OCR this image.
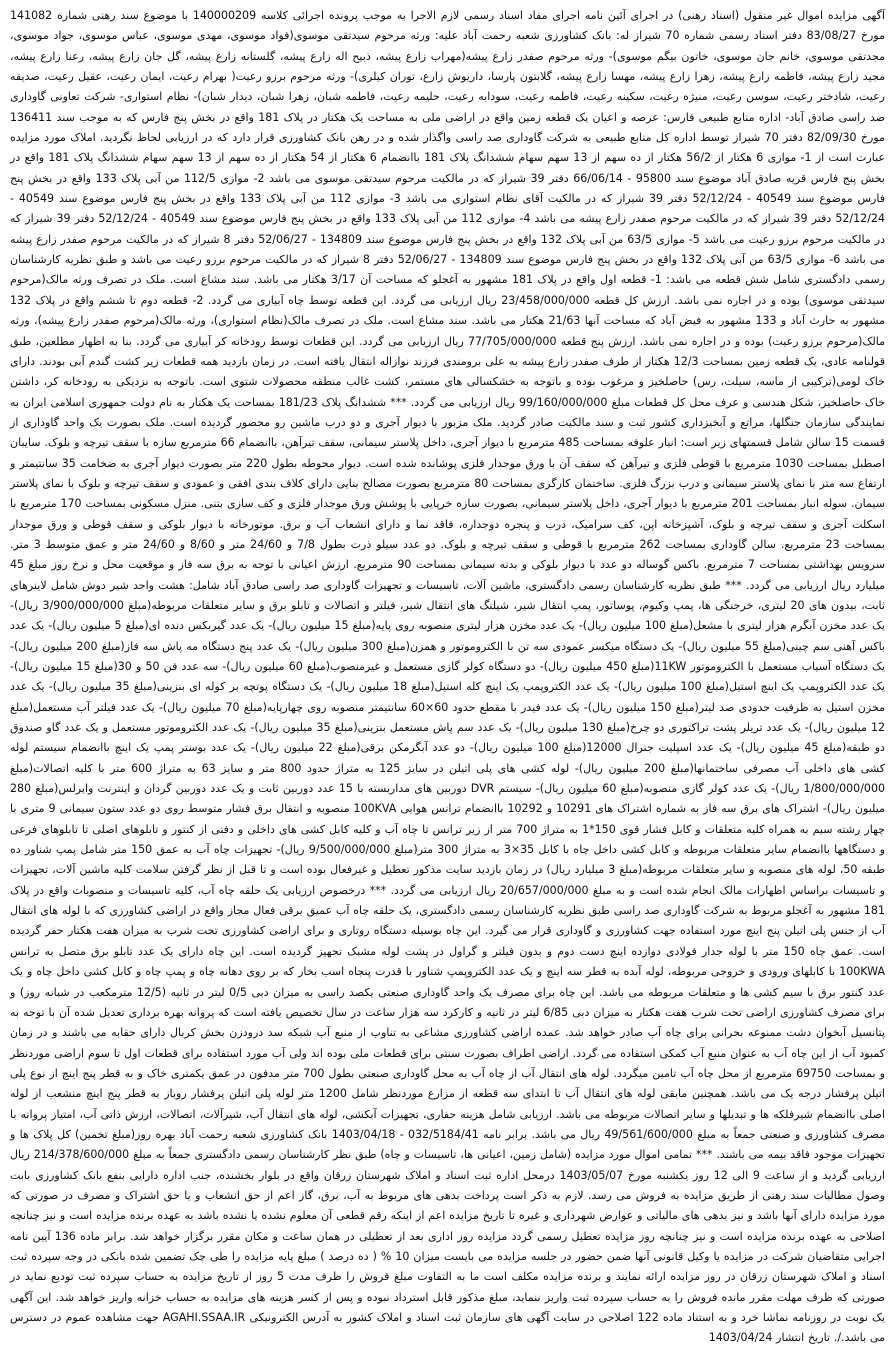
آگهی مزایده اموال غیر منقول (اسناد رهنی) در اجرای آئین نامه اجرای مفاد اسناد رسمی لازم الاجرا به موجب پرونده اجرائی کلاسه 140000209 با موضوع سند رهنی شماره 141082 مورخ 83/08/27 دفتر اسناد رسمی شماره 70 شیراز له: بانک کشاورزی شعبه رحمت آباد علیه: ورثه مرحوم سیدتقی موسوی(فواد موسوی، مهدی موسوی، عباس موسوی، جواد موسوی، مجدتقی موسوی، خانم جان موسوی، خاتون بیگم موسوی)- ورثه مرحوم صفدر زارع پیشه(مهراب زارع پیشه، ذبیح اله زارع پیشه، گلستانه زارع پیشه، گل جان زارع پیشه، رعنا زارع پیشه، مجید زارع پیشه، فاطمه زارع پیشه، زهرا زارع پیشه، مهسا زارع پیشه، گلابتون پارسا، داریوش زارع، توران کیلری)- ورثه مرحوم برزو رعیت( بهرام رعیت، ایمان رعیت، عقیل رعیت، صدیقه رعیت، شادختر رعیت، سوسن رعیت، منیژه رعیت، سکینه رعیت، فاطمه رعیت، سودابه رعیت، حلیمه رعیت، فاطمه شبان، زهرا شبان، دیدار شبان)- نظام استواری- شرکت تعاونی گاوداری صد راسی صادق آباد- اداره منابع طبیعی فارس: عرصه و اعیان یک قطعه زمین واقع در اراضی ملی به مساحت یک هکتار در پلاک 181 واقع در بخش پنج فارس که به موجب سند 136411 مورخ 82/09/30 دفتر 70 شیراز توسط اداره کل منابع طبیعی به شرکت گاوداری صد راسی واگذار شده و در رهن بانک کشاورزی قرار دارد که در ارزیابی لحاظ نگردید. املاک مورد مزایده عبارت است از 1- موازی 6 هکتار از 56/2 هکتار از ده سهم از 13 سهم سهام ششدانگ پلاک 181 باانضمام 6 هکتار از 54 هکتار از ده سهم از 13 سهم سهام ششدانگ پلاک 181 واقع در بخش پنج فارس قریه صادق آباد موضوع سند 95800 - 66/06/14 دفتر 39 شیراز که در مالکیت مرحوم سیدتقی موسوی می باشد 2- موازی 112/5 من آبی پلاک 133 واقع در بخش پنج فارس موضوع سند 40549 - 52/12/24 دفتر 39 شیراز که در مالکیت آقای نظام استواری می باشد 3- موازی 112 من آبی پلاک 133 واقع در بخش پنج فارس موضوع سند 40549 - 52/12/24 دفتر 39 شیراز که در مالکیت مرحوم صفدر زارع پیشه می باشد 4- موازی 112 من آبی پلاک 133 واقع در بخش پنج فارس موضوع سند 40549 - 52/12/24 دفتر 39 شیراز که در مالکیت مرحوم برزو رعیت می باشد 5- موازی 63/5 من آبی پلاک 132 واقع در بخش پنج فارس موضوع سند 134809 - 52/06/27 دفتر 8 شیراز که در مالکیت مرحوم صفدر زارع پیشه می باشد 6- موازی 63/5 من آبی پلاک 132 واقع در بخش پنج فارس موضوع سند 134809 - 52/06/27 دفتر 8 شیراز که در مالکیت مرحوم برزو رعیت می باشد و طبق نظریه کارشناسان رسمی دادگستری شامل شش قطعه می باشد: 1- قطعه اول واقع در پلاک 181 مشهور به آغجلو که مساحت آن 3/17 هکتار می باشد. سند مشاع است. ملک در تصرف ورثه مالک(مرحوم سیدتقی موسوی) بوده و در اجاره نمی باشد. ارزش کل قطعه 23/458/000/000 ریال ارزیابی می گردد. این قطعه توسط چاه آبیاری می گردد. 2- قطعه دوم تا ششم واقع در پلاک 132 مشهور به حارث آباد و 133 مشهور به فیض آباد که مساحت آنها 21/63 هکتار می باشد. سند مشاع است. ملک در تصرف مالک(نظام استواری)، ورثه مالک(مرحوم صفدر زارع پیشه)، ورثه مالک(مرحوم برزو رعیت) بوده و در اجاره نمی باشد. ارزش پنج قطعه 77/705/000/000 ریال ارزیابی می گردد. این قطعات توسط رودخانه کر آبیاری می گردد. بنا به اظهار مطلعین، طبق قولنامه عادی، یک قطعه زمین بمساحت 12/3 هکتار از طرف صفدر زارع پیشه به علی برومندی فرزند نوازاله انتقال یافته است. در زمان بازدید همه قطعات زیر کشت گندم آبی بودند. دارای خاک لومی(ترکیبی از ماسه، سیلت، رس) حاصلخیز و مرغوب بوده و باتوجه به خشکسالی های مستمر، کشت غالب منطقه محصولات شتوی است. باتوجه به نزدیکی به رودخانه کر، داشتن خاک حاصلخیز، شکل هندسی و عرف محل کل قطعات مبلغ 99/160/000/000 ریال ارزیابی می گردد. *** ششدانگ پلاک 181/23 بمساحت یک هکتار به نام دولت جمهوری اسلامی ایران به نمایندگی سازمان جنگلها، مراتع و آبخیزداری کشور ثبت و سند مالکیت صادر گردید. ملک مزبور با دیوار آجری و دو درب ماشین رو محصور گردیده است. ملک بصورت یک واحد گاوداری از قسمت 15 سالن شامل قسمتهای زیر است: انبار علوفه بمساحت 485 مترمربع با دیوار آجری، داخل پلاستر سیمانی، سقف تیرآهن، باانضمام 66 مترمربع سازه با سقف تیرچه و بلوک. سایبان اصطبل بمساحت 1030 مترمربع با قوطی فلزی و تیرآهن که سقف آن با ورق موجدار فلزی پوشانده شده است. دیوار محوطه بطول 220 متر بصورت دیوار آجری به ضخامت 35 سانتیمتر و ارتفاع سه متر با نمای پلاستر سیمانی و درب بزرگ فلزی. ساختمان کارگری بمساحت 80 مترمربع بصورت مصالح بنایی دارای کلاف بندی افقی و عمودی و سقف تیرچه و بلوک با نمای پلاستر سیمان. سوله انبار بمساحت 201 مترمربع با دیوار آجری، داخل پلاستر سیمانی، بصورت سازه خرپایی با پوشش ورق موجدار فلزی و کف سازی بتنی. منزل مسکونی بمساحت 170 مترمربع با اسکلت آجری و سقف تیرچه و بلوک، آشپزخانه اپن، کف سرامیک، درب و پنجره دوجداره، فاقد نما و دارای انشعاب آب و برق. موتورخانه با دیوار بلوکی و سقف قوطی و ورق موجدار بمساحت 23 مترمربع. سالن گاوداری بمساحت 262 مترمربع با قوطی و سقف تیرچه و بلوک. دو عدد سیلو ذرت بطول 7/8 و 24/60 متر و 8/60 و 24/60 متر و عمق متوسط 3 متر. سرویس بهداشتی بمساحت 7 مترمربع. باکس گوساله دو عدد با دیوار بلوکی و بدنه سیمانی بمساحت 90 مترمربع. ارزش اعیانی با توجه به برق سه فاز و موقعیت محل و نرخ روز مبلغ 45 میلیارد ریال ارزیابی می گردد. *** طبق نظریه کارشناسان رسمی دادگستری، ماشین آلات، تاسیسات و تجهیزات گاوداری صد راسی صادق آباد شامل: هشت واحد شیر دوش شامل لاینرهای ثابت، بیدون های 20 لیتری، خرجنگی ها، پمپ وکیوم، پوساتور، پمپ انتقال شیر، شیلنگ های انتقال شیر، فیلتر و اتصالات و تابلو برق و سایر متعلقات مربوطه(مبلغ 3/900/000/000 ریال)- یک عدد مخزن آبگرم هزار لیتری با مشعل(مبلغ 100 میلیون ریال)- یک عدد مخزن هزار لیتری منصوبه روی پایه(مبلغ 15 میلیون ریال)- یک عدد گیربکس دنده ای(مبلغ 5 میلیون ریال)- یک عدد باکس آهنی سم چینی(مبلغ 55 میلیون ریال)- یک دستگاه میکسر عمودی سه تن با الکتروموتور و همزن(مبلغ 300 میلیون ریال)- یک عدد پنج دستگاه مه پاش سه فاز(مبلغ 200 میلیون ریال)- یک دستگاه آسیاب مستعمل با الکتروموتور 11KW(مبلغ 450 میلیون ریال)- دو دستگاه کولر گازی مستعمل و غیرمنصوب(مبلغ 60 میلیون ریال)- سه عدد فن 50 و 30(مبلغ 15 میلیون ریال)- یک عدد الکتروپمپ یک اینچ استیل(مبلغ 100 میلیون ریال)- یک عدد الکتروپمپ یک اینچ کله استیل(مبلغ 18 میلیون ریال)- یک دستگاه پوتچه بر کوله ای بنزینی(مبلغ 35 میلیون ریال)- یک عدد مخزن استیل به ظرفیت حدودی صد لیتر(مبلغ 150 میلیون ریال)- یک عدد فیدر با مقطع حدود 60×60 سانتیمتر منصوبه روی چهارپایه(مبلغ 70 میلیون ریال)- یک عدد فیلتر آب مستعمل(مبلغ 12 میلیون ریال)- یک عدد تریلر پشت تراکتوری دو چرخ(مبلغ 130 میلیون ریال)- یک عدد سم پاش مستعمل بنزینی(مبلغ 35 میلیون ریال)- یک عدد الکتروموتور مستعمل و یک عدد گاو صندوق دو طبقه(مبلغ 45 میلیون ریال)- یک عدد اسپلیت جنرال 12000(مبلغ 100 میلیون ریال)- دو عدد آبگرمکن برقی(مبلغ 22 میلیون ریال)- یک عدد بوستر پمپ یک اینچ باانضمام سیستم لوله کشی های داخلی آب مصرفی ساختمانها(مبلغ 200 میلیون ریال)- لوله کشی های پلی اتیلن در سایز 125 به متراژ حدود 800 متر و سایز 63 به متراژ 600 متر با کلیه اتصالات(مبلغ 1/800/000/000 ریال)- یک عدد کولر گازی منصوبه(مبلغ 60 میلیون ریال)- سیستم DVR دوربین های مداربسته با 15 عدد دوربین ثابت و یک عدد دوربین گردان و اینترنت وایرلس(مبلغ 280 میلیون ریال)- اشتراک های برق سه فاز به شماره اشتراک های 10291 و 10292 باانضمام ترانس هوایی 100KVA منصوبه و انتقال برق فشار متوسط روی دو عدد ستون سیمانی 9 متری با چهار رشته سیم به همراه کلیه متعلقات و کابل فشار قوی 150*1 به متراژ 700 متر از زیر ترانس تا چاه آب و کلیه کابل کشی های داخلی و دفنی از کنتور و تابلوهای اصلی تا تابلوهای فرعی و دستگاهها باانضمام سایر متعلقات مربوطه و کابل کشی داخل چاه با کابل 35×3 به متراژ 300 متر(مبلغ 9/500/000/000 ریال)- تجهیزات چاه آب به عمق 150 متر شامل پمپ شناور ده طبقه 50، لوله های منصوبه و سایر متعلقات مربوطه(مبلغ 3 میلیارد ریال) در زمان بازدید سایت مذکور تعطیل و غیرفعال بوده است و تا قبل از نظر گرفتن سلامت کلیه ماشین آلات، تجهیزات و تاسیسات براساس اظهارات مالک انجام شده است و به مبلغ 20/657/000/000 ریال ارزیابی می گردد. *** درخصوص ارزیابی یک حلقه چاه آب، کلیه تاسیسات و منصوبات واقع در پلاک 181 مشهور به آغجلو مربوط به شرکت گاوداری صد راسی طبق نظریه کارشناسان رسمی دادگستری، یک حلقه چاه آب عمیق برقی فعال مجاز واقع در اراضی کشاورزی که با لوله های انتقال آب از جنس پلی اتیلن پنج اینچ مورد استفاده جهت کشاورزی و گاوداری قرار می گیرد. این چاه بوسیله دستگاه روتاری و برای اراضی کشاورزی تحت شرب به میزان هفت هکتار حفر گردیده است. عمق چاه 150 متر با لوله جدار فولادی دوازده اینچ دست دوم و بدون فیلتر و گراول در پشت لوله مشبک تجهیز گردیده است. این چاه دارای یک عدد تابلو برق متصل به ترانس 100KWA با کابلهای ورودی و خروجی مربوطه، لوله آبده به قطر سه اینچ و یک عدد الکتروپمپ شناور با قدرت پنجاه اسب بخار که بر روی دهانه چاه و پمپ چاه و کابل کشی داخل چاه و یک عدد کنتور برق با سیم کشی ها و متعلقات مربوطه می باشد. این چاه برای مصرف یک واحد گاوداری صنعتی یکصد راسی به میزان دبی 0/5 لیتر در ثانیه (12/5 مترمکعب در شبانه روز) و برای مصرف کشاورزی اراضی تحت شرب هفت هکتار به میزان دبی 6/85 لیتر در ثانیه و کارکرد سه هزار ساعت در سال تخصیص یافته است که پروانه بهره برداری تعدیل شده آن با توجه به پتانسیل آبخوان دشت ممنوعه بحرانی برای چاه آب صادر خواهد شد. عمده اراضی کشاورزی مشاعی به تناوب از منبع آب شبکه سد درودزن بخش کربال دارای حقابه می باشند و در زمان کمبود آب از این چاه آب به عنوان منبع آب کمکی استفاده می گردد. اراضی اطراف بصورت سنتی برای قطعات ملی بوده اند ولی آب مورد استفاده برای قطعات اول تا سوم اراضی موردنظر و بمساحت 69750 مترمربع از محل چاه آب تامین میگردد. لوله های انتقال آب از چاه آب به محل گاوداری صنعتی بطول 700 متر مدفون در عمق یکمتری خاک و به قطر پنج اینچ از نوع پلی اتیلن پرفشار درجه یک می باشد. همچنین مابقی لوله های انتقال آب تا ابتدای سه قطعه از مزارع موردنظر شامل 1200 متر لوله پلی اتیلن پرفشار روباز به قطر پنج اینچ منشعب از لوله اصلی باانضمام شیرفلکه ها و تبدیلها و سایر اتصالات مربوطه می باشد. ارزیابی شامل هزینه حفاری، تجهیزات آبکشی، لوله های انتقال آب، شیرآلات، اتصالات، ارزش ذاتی آب، امتیاز پروانه با مصرف کشاورزی و صنعتی جمعاً به مبلغ 49/561/600/000 ریال می باشد. برابر نامه 032/5184/41 - 1403/04/18 بانک کشاورزی شعبه رحمت آباد بهره روز(مبلغ تخمین) کل پلاک ها و تجهیزات موجود فاقد بیمه می باشند. *** تمامی اموال مورد مزایده (شامل زمین، اعیانی ها، تاسیسات و چاه) طبق نظر کارشناسان رسمی دادگستری جمعاً به مبلغ 214/378/600/000 ریال ارزیابی گردید و از ساعت 9 الی 12 روز یکشنبه مورخ 1403/05/07 درمحل اداره ثبت اسناد و املاک شهرستان زرقان واقع در بلوار بخشنده، جنب اداره دارایی بنفع بانک کشاورزی بابت وصول مطالبات سند رهنی از طریق مزایده به فروش می رسد. لازم به ذکر است پرداخت بدهی های مربوط به آب، برق، گاز اعم از حق انشعاب و یا حق اشتراک و مصرف در صورتی که مورد مزایده دارای آنها باشد و نیز بدهی های مالیاتی و عوارض شهرداری و غیره تا تاریخ مزایده اعم از اینکه رقم قطعی آن معلوم نشده یا نشده باشد به عهده برنده مزایده است و نیز چنانچه اصلاحی به عهده برنده مزایده است و نیز چنانچه روز مزایده تعطیل رسمی گردد مزایده روز اداری بعد از تعطیلی در همان ساعت و مکان مقرر برگزار خواهد شد. برابر ماده 136 آیین نامه اجرایی متقاضیان شرکت در مزایده یا وکیل قانونی آنها ضمن حضور در جلسه مزایده می بایست میزان 10 % ( ده درصد ) مبلغ پایه مزایده را طی چک تضمین شده بانکی در وجه سپرده ثبت اسناد و املاک شهرستان زرقان در روز مزایده ارائه نمایند و برنده مزایده مکلف است ما به التفاوت مبلغ فروش را ظرف مدت 5 روز از تاریخ مزایده به حساب سپرده ثبت تودیع نماید در صورتی که ظرف مهلت مقرر مانده فروش را به حساب سپرده ثبت واریز ننماید، مبلغ مذکور قابل استرداد نبوده و پس از کسر هزینه های مزایده به حساب خزانه واریز خواهد شد. این آگهی یک نوبت در روزنامه نماشا خرد و به استناد ماده 122 اصلاحی در سایت آگهی های سازمان ثبت اسناد و املاک کشور به آدرس الکترونیکی AGAHI.SSAA.IR جهت مشاهده عموم در دسترس می باشد./. تاریخ انتشار 1403/04/24
